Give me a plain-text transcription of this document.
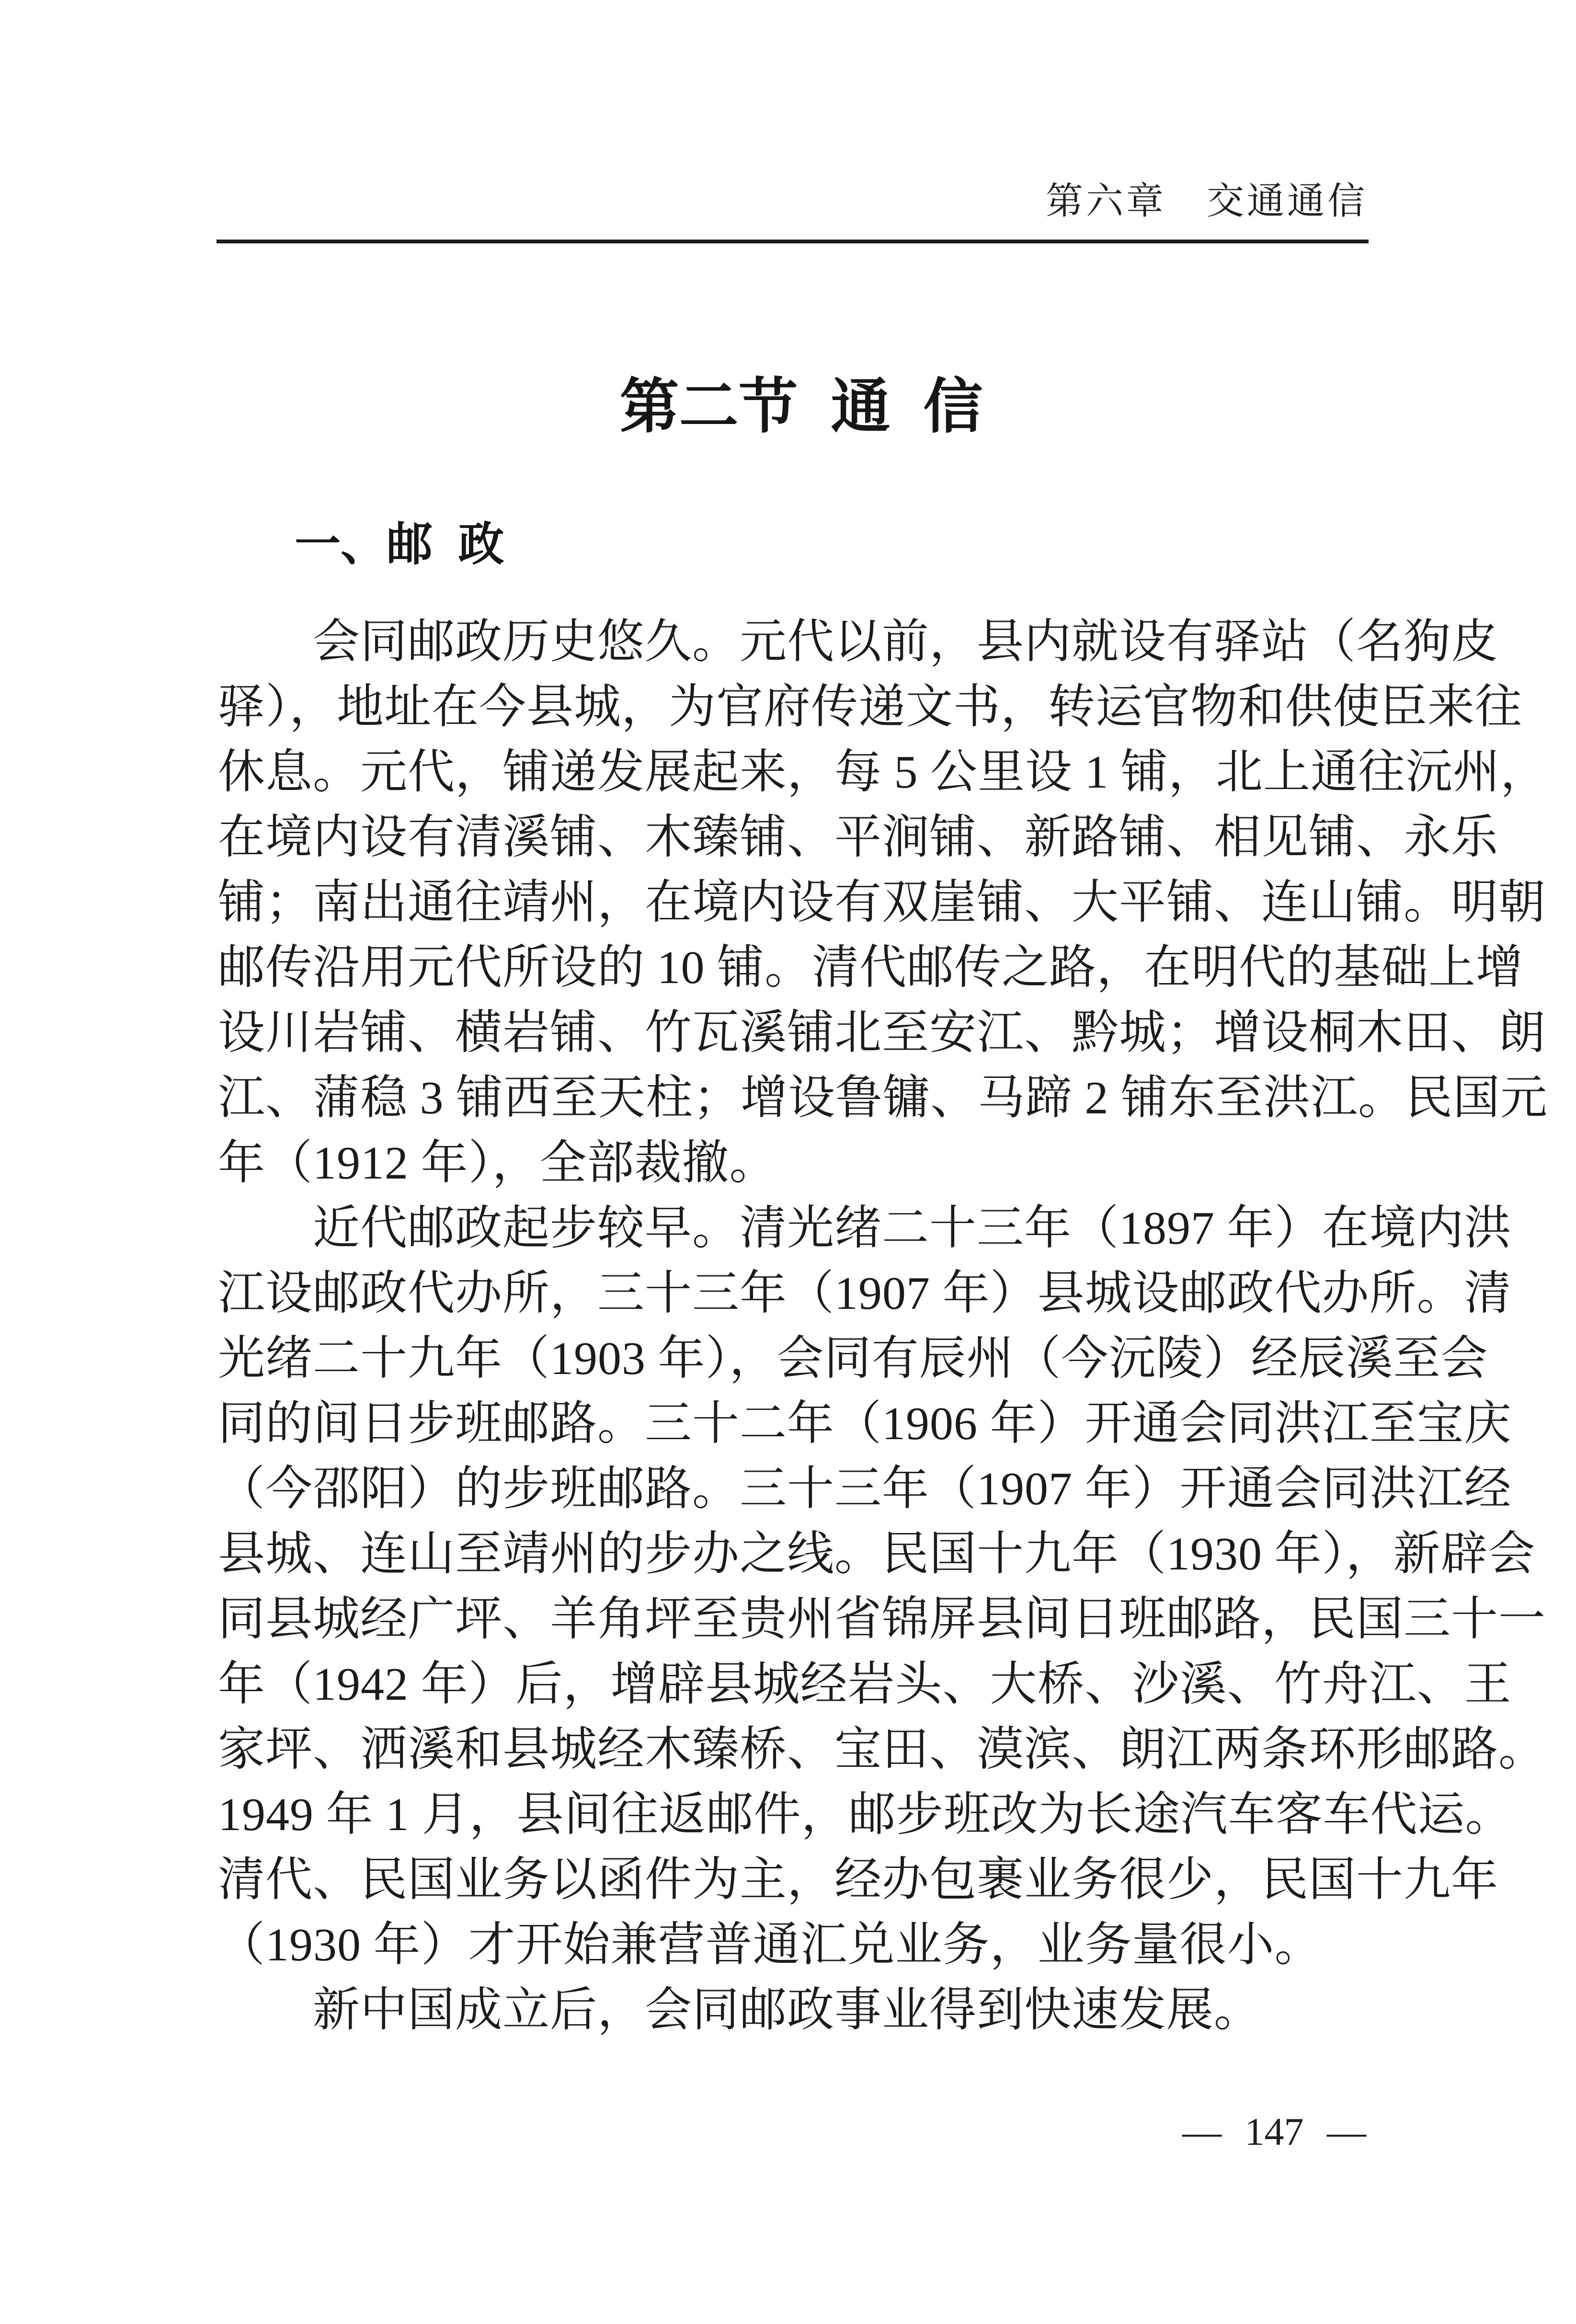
第六章　交通通信
第二节  通  信
一、邮  政
　　会同邮政历史悠久。元代以前，县内就设有驿站（名狗皮
驿），地址在今县城，为官府传递文书，转运官物和供使臣来往
休息。元代，铺递发展起来，每 5 公里设 1 铺，北上通往沅州，
在境内设有清溪铺、木臻铺、平涧铺、新路铺、相见铺、永乐
铺；南出通往靖州，在境内设有双崖铺、大平铺、连山铺。明朝
邮传沿用元代所设的 10 铺。清代邮传之路，在明代的基础上增
设川岩铺、横岩铺、竹瓦溪铺北至安江、黔城；增设桐木田、朗
江、蒲稳 3 铺西至天柱；增设鲁镛、马蹄 2 铺东至洪江。民国元
年（1912 年），全部裁撤。
　　近代邮政起步较早。清光绪二十三年（1897 年）在境内洪
江设邮政代办所，三十三年（1907 年）县城设邮政代办所。清
光绪二十九年（1903 年），会同有辰州（今沅陵）经辰溪至会
同的间日步班邮路。三十二年（1906 年）开通会同洪江至宝庆
（今邵阳）的步班邮路。三十三年（1907 年）开通会同洪江经
县城、连山至靖州的步办之线。民国十九年（1930 年），新辟会
同县城经广坪、羊角坪至贵州省锦屏县间日班邮路，民国三十一
年（1942 年）后，增辟县城经岩头、大桥、沙溪、竹舟江、王
家坪、洒溪和县城经木臻桥、宝田、漠滨、朗江两条环形邮路。
1949 年 1 月，县间往返邮件，邮步班改为长途汽车客车代运。
清代、民国业务以函件为主，经办包裹业务很少，民国十九年
（1930 年）才开始兼营普通汇兑业务，业务量很小。
　　新中国成立后，会同邮政事业得到快速发展。
— 147 —
